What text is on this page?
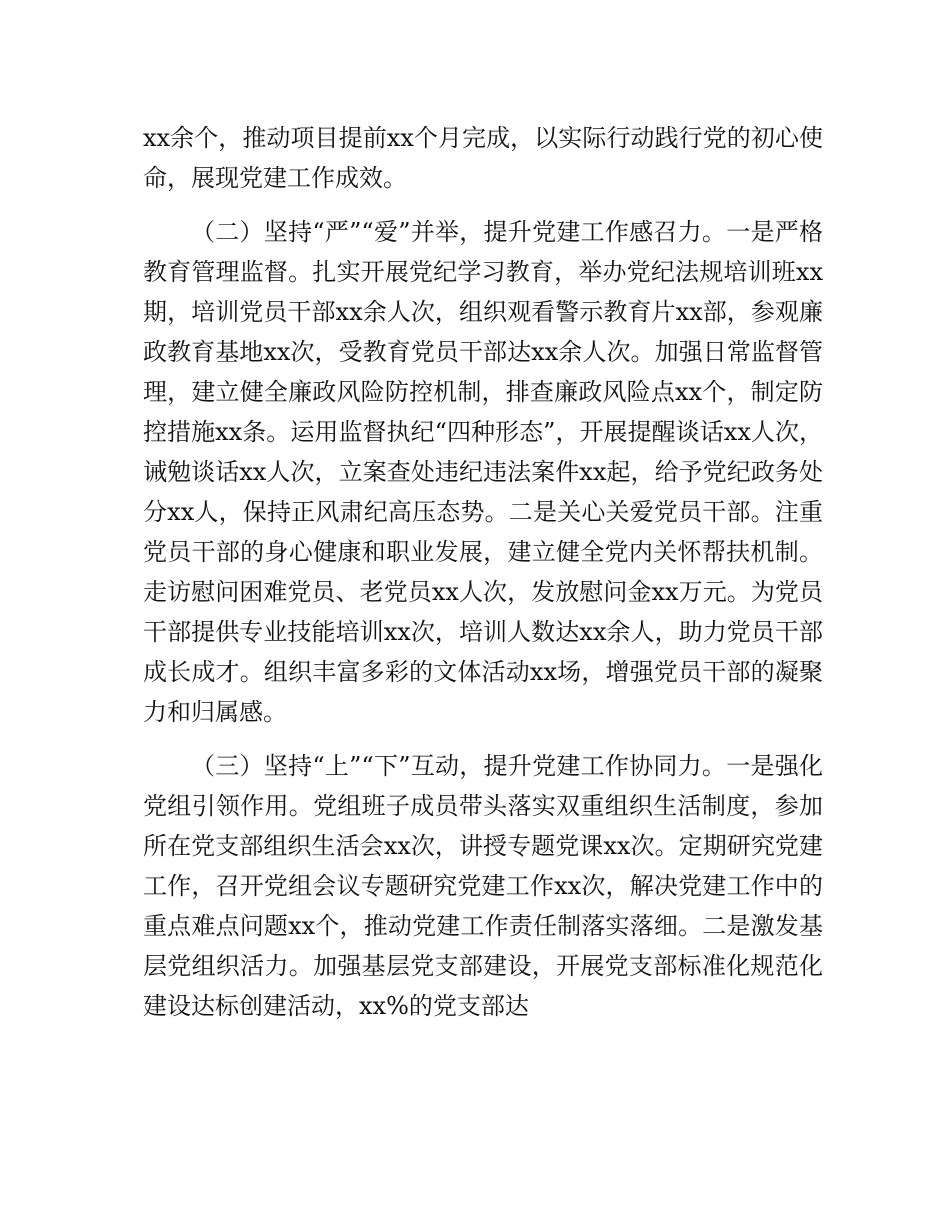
xx余个，推动项目提前xx个月完成，以实际行动践行党的初心使命，展现党建工作成效。

（二）坚持“严”“爱”并举，提升党建工作感召力。一是严格教育管理监督。扎实开展党纪学习教育，举办党纪法规培训班xx期，培训党员干部xx余人次，组织观看警示教育片xx部，参观廉政教育基地xx次，受教育党员干部达xx余人次。加强日常监督管理，建立健全廉政风险防控机制，排查廉政风险点xx个，制定防控措施xx条。运用监督执纪“四种形态”，开展提醒谈话xx人次，诫勉谈话xx人次，立案查处违纪违法案件xx起，给予党纪政务处分xx人，保持正风肃纪高压态势。二是关心关爱党员干部。注重党员干部的身心健康和职业发展，建立健全党内关怀帮扶机制。走访慰问困难党员、老党员xx人次，发放慰问金xx万元。为党员干部提供专业技能培训xx次，培训人数达xx余人，助力党员干部成长成才。组织丰富多彩的文体活动xx场，增强党员干部的凝聚力和归属感。

（三）坚持“上”“下”互动，提升党建工作协同力。一是强化党组引领作用。党组班子成员带头落实双重组织生活制度，参加所在党支部组织生活会xx次，讲授专题党课xx次。定期研究党建工作，召开党组会议专题研究党建工作xx次，解决党建工作中的重点难点问题xx个，推动党建工作责任制落实落细。二是激发基层党组织活力。加强基层党支部建设，开展党支部标准化规范化建设达标创建活动，xx%的党支部达
